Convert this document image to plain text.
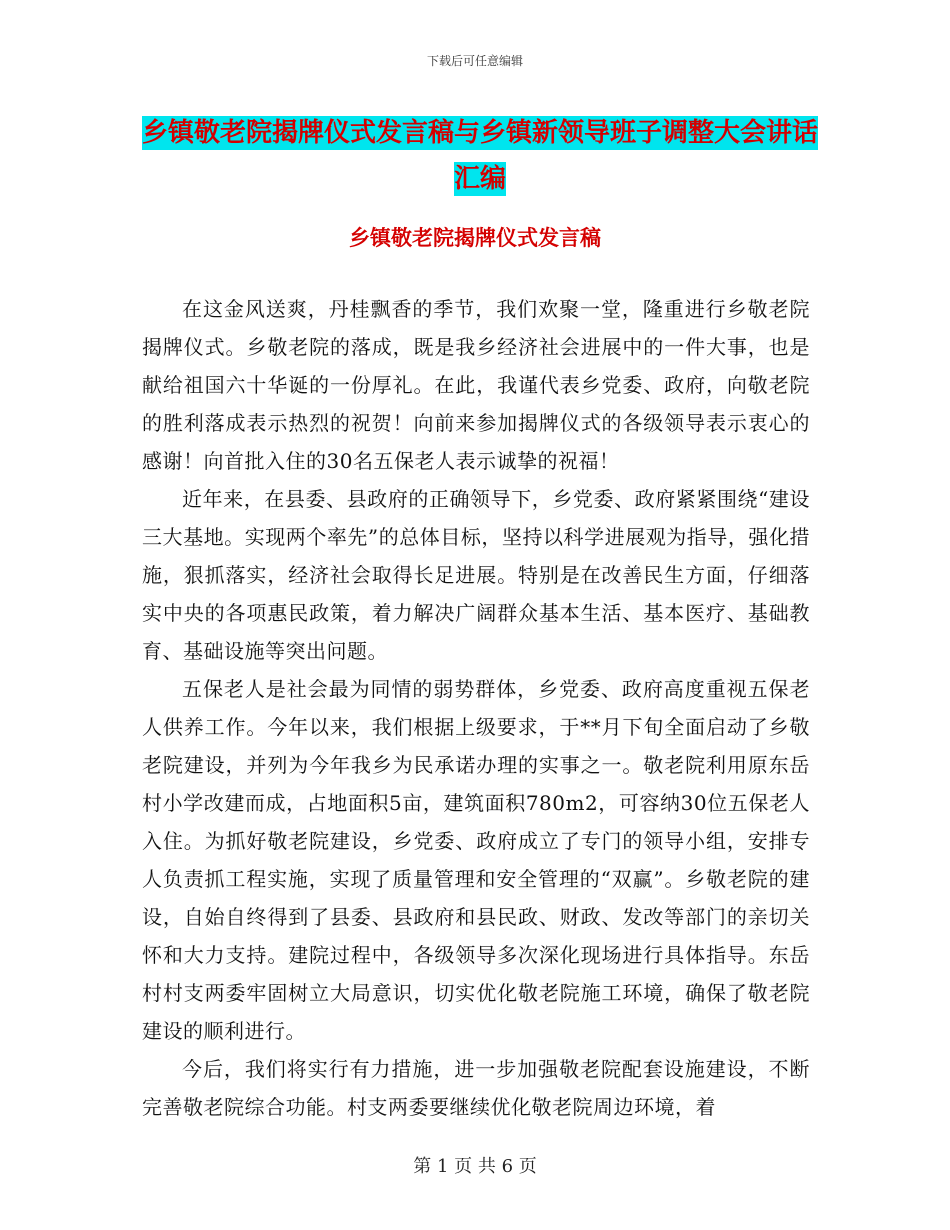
下载后可任意编辑
乡镇敬老院揭牌仪式发言稿与乡镇新领导班子调整大会讲话汇编
乡镇敬老院揭牌仪式发言稿

在这金风送爽，丹桂飘香的季节，我们欢聚一堂，隆重进行乡敬老院揭牌仪式。乡敬老院的落成，既是我乡经济社会进展中的一件大事，也是献给祖国六十华诞的一份厚礼。在此，我谨代表乡党委、政府，向敬老院的胜利落成表示热烈的祝贺！向前来参加揭牌仪式的各级领导表示衷心的感谢！向首批入住的30名五保老人表示诚挚的祝福！

近年来，在县委、县政府的正确领导下，乡党委、政府紧紧围绕“建设三大基地。实现两个率先”的总体目标，坚持以科学进展观为指导，强化措施，狠抓落实，经济社会取得长足进展。特别是在改善民生方面，仔细落实中央的各项惠民政策，着力解决广阔群众基本生活、基本医疗、基础教育、基础设施等突出问题。

五保老人是社会最为同情的弱势群体，乡党委、政府高度重视五保老人供养工作。今年以来，我们根据上级要求，于**月下旬全面启动了乡敬老院建设，并列为今年我乡为民承诺办理的实事之一。敬老院利用原东岳村小学改建而成，占地面积5亩，建筑面积780m2，可容纳30位五保老人入住。为抓好敬老院建设，乡党委、政府成立了专门的领导小组，安排专人负责抓工程实施，实现了质量管理和安全管理的“双赢”。乡敬老院的建设，自始自终得到了县委、县政府和县民政、财政、发改等部门的亲切关怀和大力支持。建院过程中，各级领导多次深化现场进行具体指导。东岳村村支两委牢固树立大局意识，切实优化敬老院施工环境，确保了敬老院建设的顺利进行。

今后，我们将实行有力措施，进一步加强敬老院配套设施建设，不断完善敬老院综合功能。村支两委要继续优化敬老院周边环境，着

第 1 页 共 6 页
